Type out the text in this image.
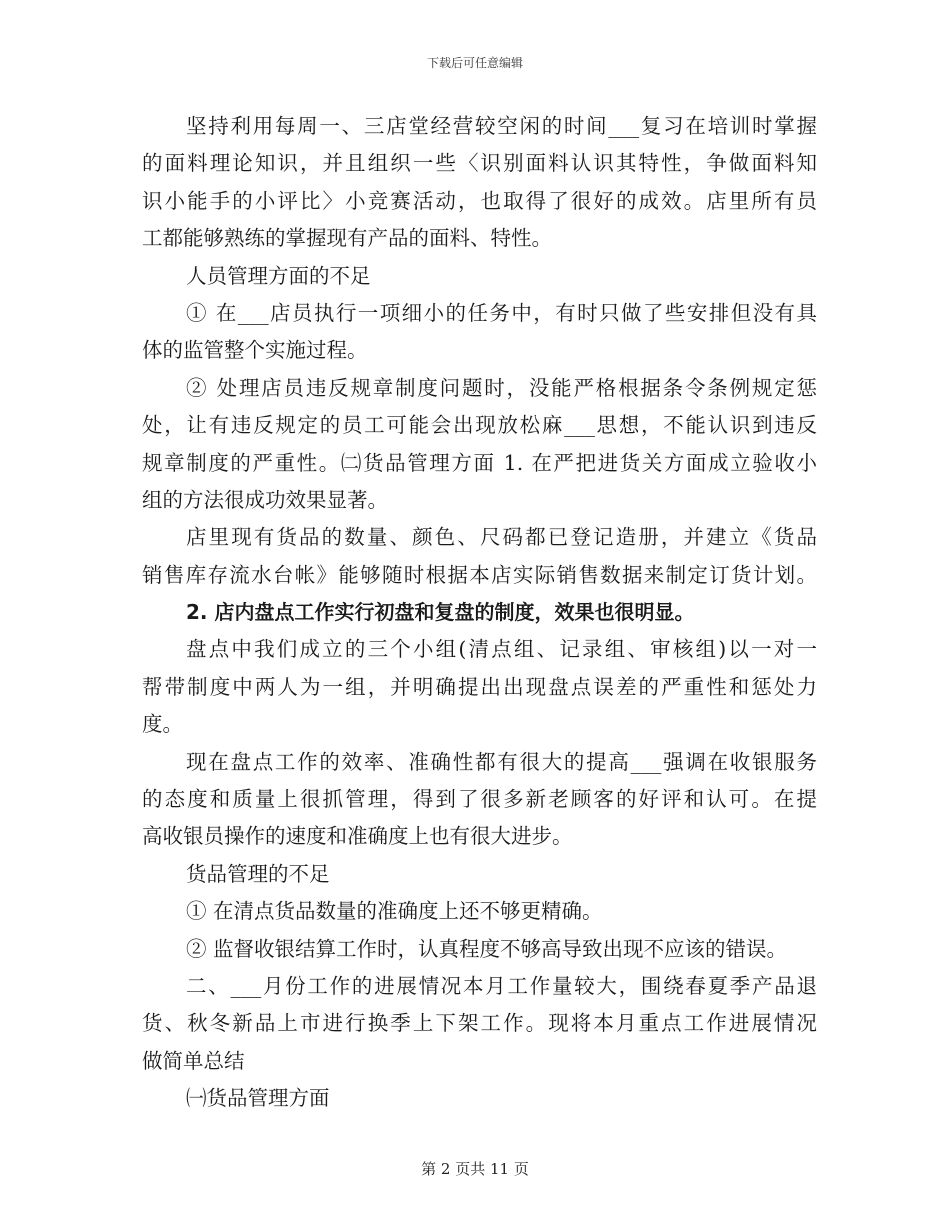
下载后可任意编辑
坚持利用每周一、三店堂经营较空闲的时间___复习在培训时掌握
的面料理论知识，并且组织一些〈识别面料认识其特性，争做面料知
识小能手的小评比〉小竞赛活动，也取得了很好的成效。店里所有员
工都能够熟练的掌握现有产品的面料、特性。
人员管理方面的不足
① 在___店员执行一项细小的任务中，有时只做了些安排但没有具
体的监管整个实施过程。
② 处理店员违反规章制度问题时，没能严格根据条令条例规定惩
处，让有违反规定的员工可能会出现放松麻___思想，不能认识到违反
规章制度的严重性。㈡货品管理方面 1. 在严把进货关方面成立验收小
组的方法很成功效果显著。
店里现有货品的数量、颜色、尺码都已登记造册，并建立《货品
销售库存流水台帐》能够随时根据本店实际销售数据来制定订货计划。
2. 店内盘点工作实行初盘和复盘的制度，效果也很明显。
盘点中我们成立的三个小组(清点组、记录组、审核组)以一对一
帮带制度中两人为一组，并明确提出出现盘点误差的严重性和惩处力
度。
现在盘点工作的效率、准确性都有很大的提高___强调在收银服务
的态度和质量上很抓管理，得到了很多新老顾客的好评和认可。在提
高收银员操作的速度和准确度上也有很大进步。
货品管理的不足
① 在清点货品数量的准确度上还不够更精确。
② 监督收银结算工作时，认真程度不够高导致出现不应该的错误。
二、___月份工作的进展情况本月工作量较大，围绕春夏季产品退
货、秋冬新品上市进行换季上下架工作。现将本月重点工作进展情况
做简单总结
㈠货品管理方面
第 2 页共 11 页
